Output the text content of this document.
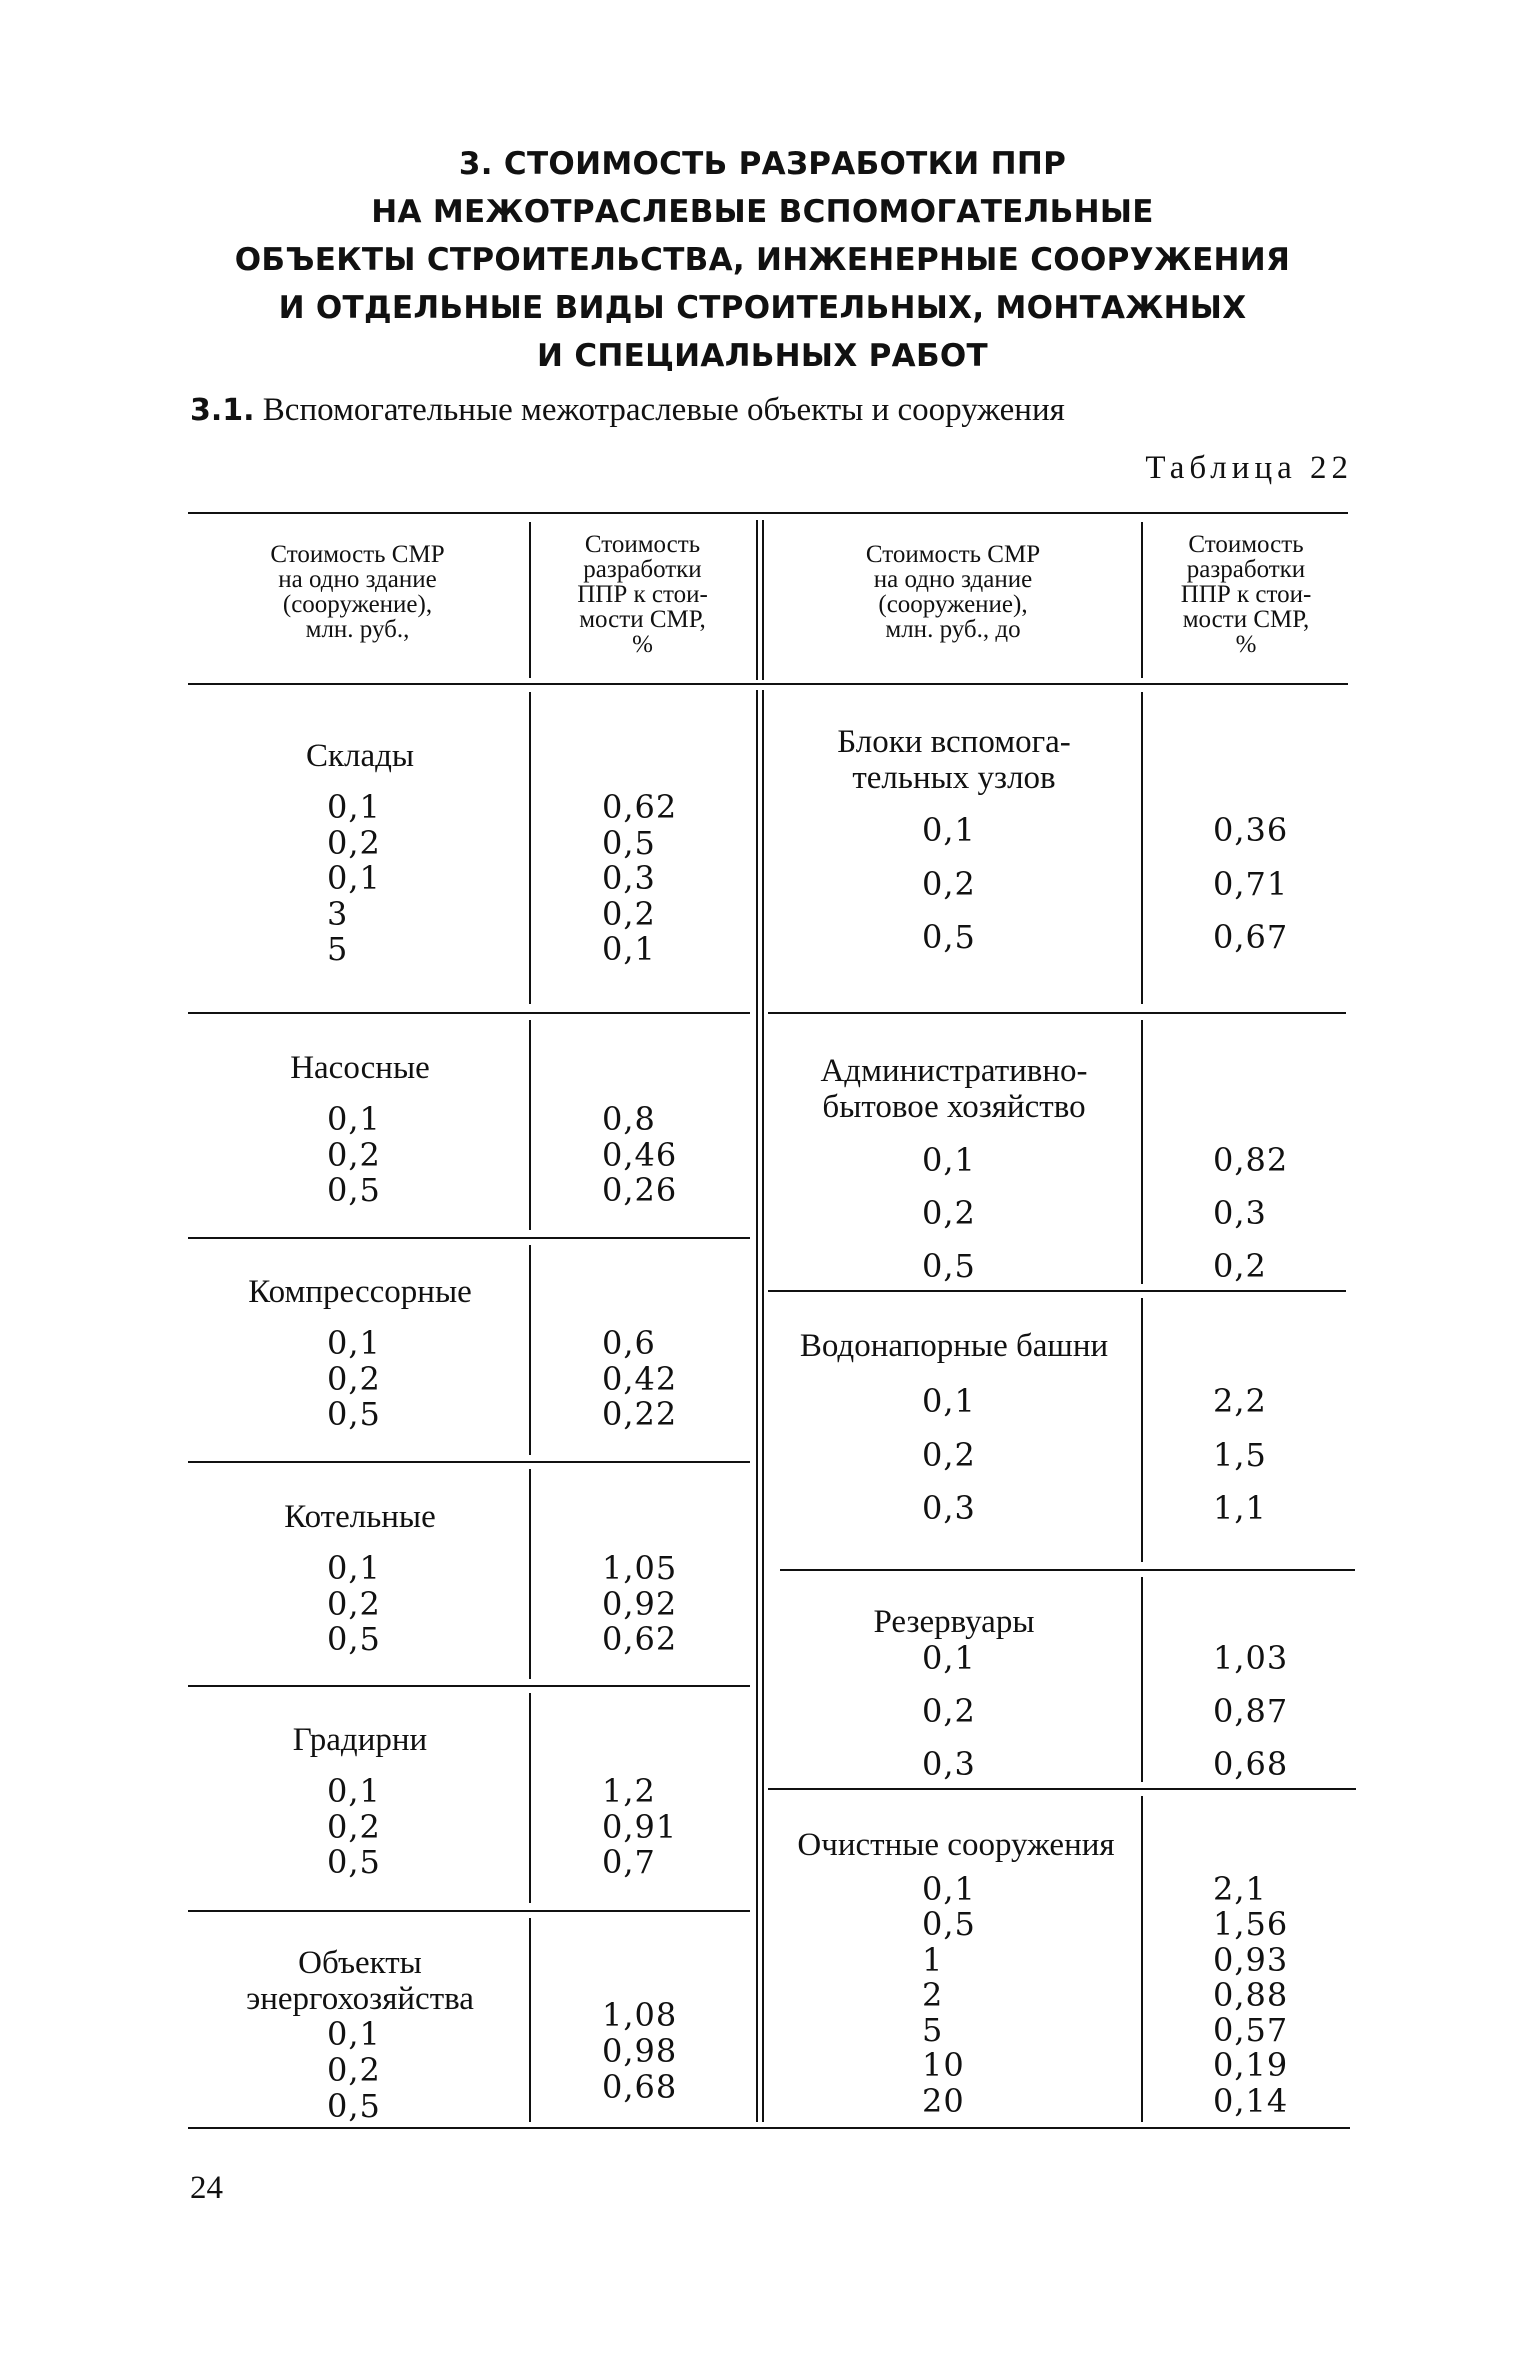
3. СТОИМОСТЬ РАЗРАБОТКИ ППР
НА МЕЖОТРАСЛЕВЫЕ ВСПОМОГАТЕЛЬНЫЕ
ОБЪЕКТЫ СТРОИТЕЛЬСТВА, ИНЖЕНЕРНЫЕ СООРУЖЕНИЯ
И ОТДЕЛЬНЫЕ ВИДЫ СТРОИТЕЛЬНЫХ, МОНТАЖНЫХ
И СПЕЦИАЛЬНЫХ РАБОТ
3.1. Вспомогательные межотраслевые объекты и сооружения
Таблица 22
Стоимость СМР
на одно здание
(сооружение),
млн. руб.,
Стоимость
разработки
ППР к стои-
мости СМР,
%
Стоимость СМР
на одно здание
(сооружение),
млн. руб., до
Стоимость
разработки
ППР к стои-
мости СМР,
%
Склады
0,1
0,2
0,1
3
5
0,62
0,5
0,3
0,2
0,1
Насосные
0,1
0,2
0,5
0,8
0,46
0,26
Компрессорные
0,1
0,2
0,5
0,6
0,42
0,22
Котельные
0,1
0,2
0,5
1,05
0,92
0,62
Градирни
0,1
0,2
0,5
1,2
0,91
0,7
Объекты
энергохозяйства
0,1
0,2
0,5
1,08
0,98
0,68
Блоки вспомога-
тельных узлов
0,1
0,2
0,5
0,36
0,71
0,67
Административно-
бытовое хозяйство
0,1
0,2
0,5
0,82
0,3
0,2
Водонапорные башни
0,1
0,2
0,3
2,2
1,5
1,1
Резервуары
0,1
0,2
0,3
1,03
0,87
0,68
Очистные сооружения
0,1
0,5
1
2
5
10
20
2,1
1,56
0,93
0,88
0,57
0,19
0,14
24
